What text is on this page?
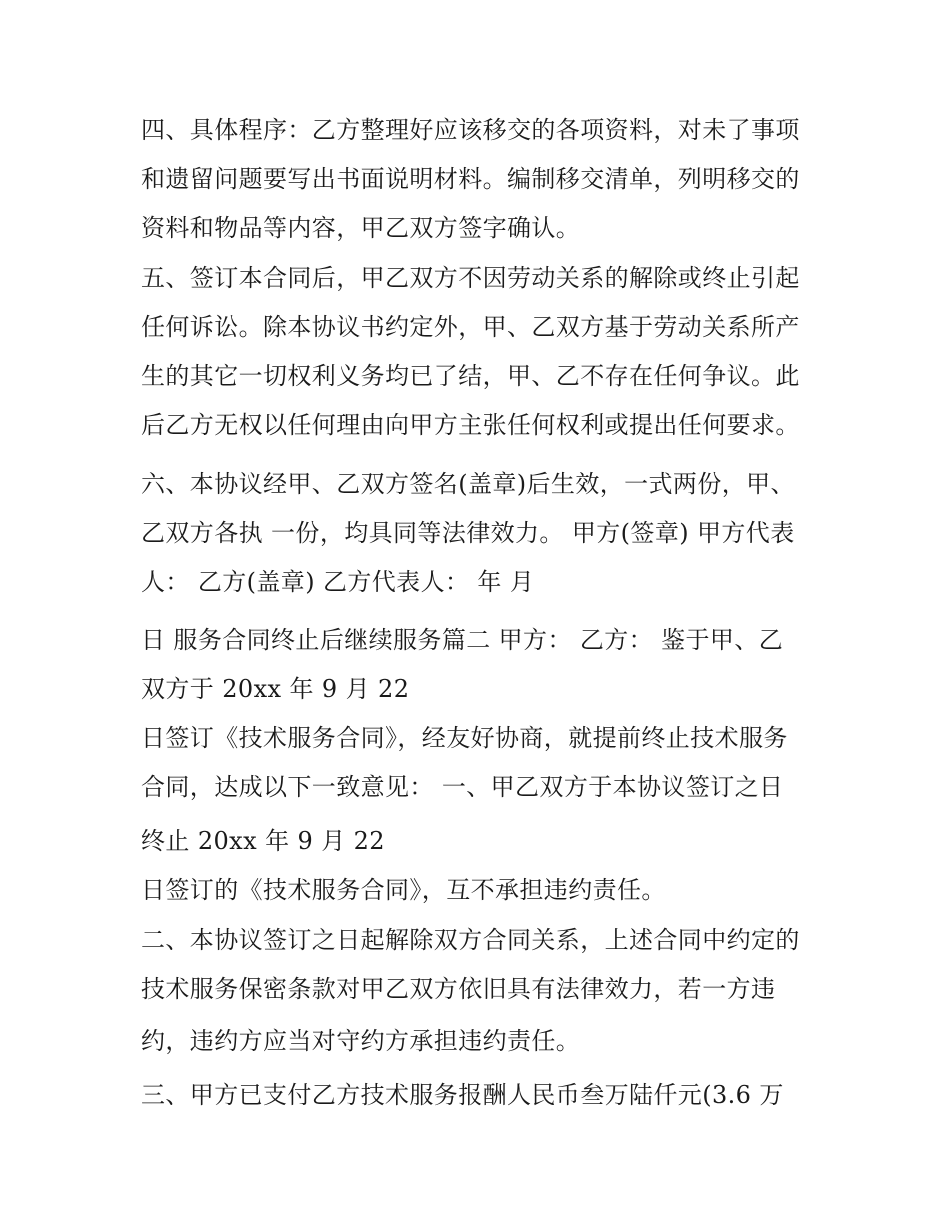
四、具体程序：乙方整理好应该移交的各项资料，对未了事项
和遗留问题要写出书面说明材料。编制移交清单，列明移交的
资料和物品等内容，甲乙双方签字确认。
五、签订本合同后，甲乙双方不因劳动关系的解除或终止引起
任何诉讼。除本协议书约定外，甲、乙双方基于劳动关系所产
生的其它一切权利义务均已了结，甲、乙不存在任何争议。此
后乙方无权以任何理由向甲方主张任何权利或提出任何要求。
六、本协议经甲、乙双方签名(盖章)后生效，一式两份，甲、
乙双方各执 一份，均具同等法律效力。 甲方(签章) 甲方代表
人： 乙方(盖章) 乙方代表人： 年 月
日 服务合同终止后继续服务篇二 甲方： 乙方： 鉴于甲、乙
双方于 20xx 年 9 月 22
日签订《技术服务合同》，经友好协商，就提前终止技术服务
合同，达成以下一致意见： 一、甲乙双方于本协议签订之日
终止 20xx 年 9 月 22
日签订的《技术服务合同》，互不承担违约责任。
二、本协议签订之日起解除双方合同关系，上述合同中约定的
技术服务保密条款对甲乙双方依旧具有法律效力，若一方违
约，违约方应当对守约方承担违约责任。
三、甲方已支付乙方技术服务报酬人民币叁万陆仟元(3.6 万
